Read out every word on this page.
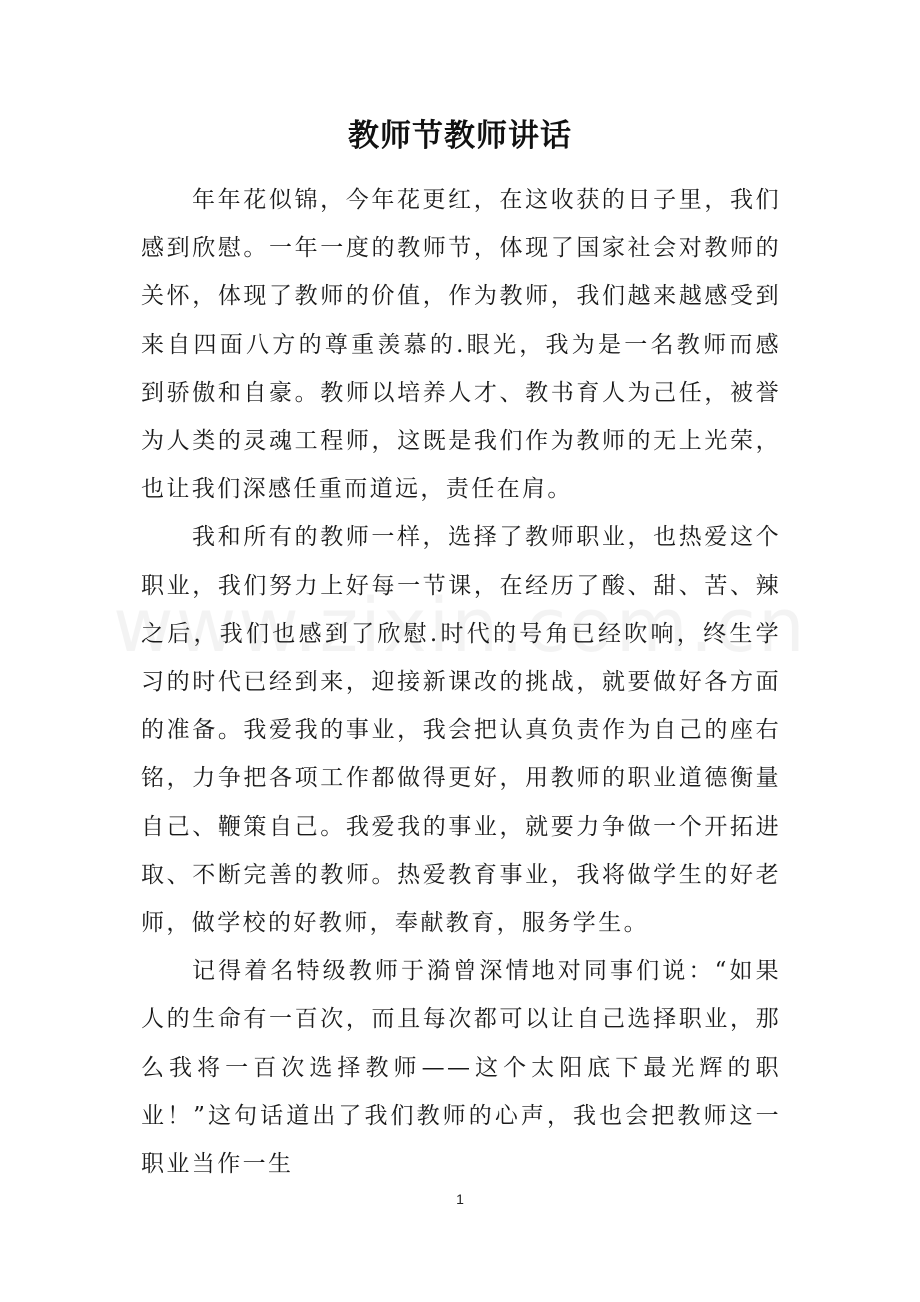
教师节教师讲话

年年花似锦，今年花更红，在这收获的日子里，我们感到欣慰。一年一度的教师节，体现了国家社会对教师的关怀，体现了教师的价值，作为教师，我们越来越感受到来自四面八方的尊重羡慕的.眼光，我为是一名教师而感到骄傲和自豪。教师以培养人才、教书育人为己任，被誉为人类的灵魂工程师，这既是我们作为教师的无上光荣，也让我们深感任重而道远，责任在肩。

我和所有的教师一样，选择了教师职业，也热爱这个职业，我们努力上好每一节课，在经历了酸、甜、苦、辣之后，我们也感到了欣慰.时代的号角已经吹响，终生学习的时代已经到来，迎接新课改的挑战，就要做好各方面的准备。我爱我的事业，我会把认真负责作为自己的座右铭，力争把各项工作都做得更好，用教师的职业道德衡量自己、鞭策自己。我爱我的事业，就要力争做一个开拓进取、不断完善的教师。热爱教育事业，我将做学生的好老师，做学校的好教师，奉献教育，服务学生。

记得着名特级教师于漪曾深情地对同事们说：“如果人的生命有一百次，而且每次都可以让自己选择职业，那么我将一百次选择教师——这个太阳底下最光辉的职业！”这句话道出了我们教师的心声，我也会把教师这一职业当作一生

1
